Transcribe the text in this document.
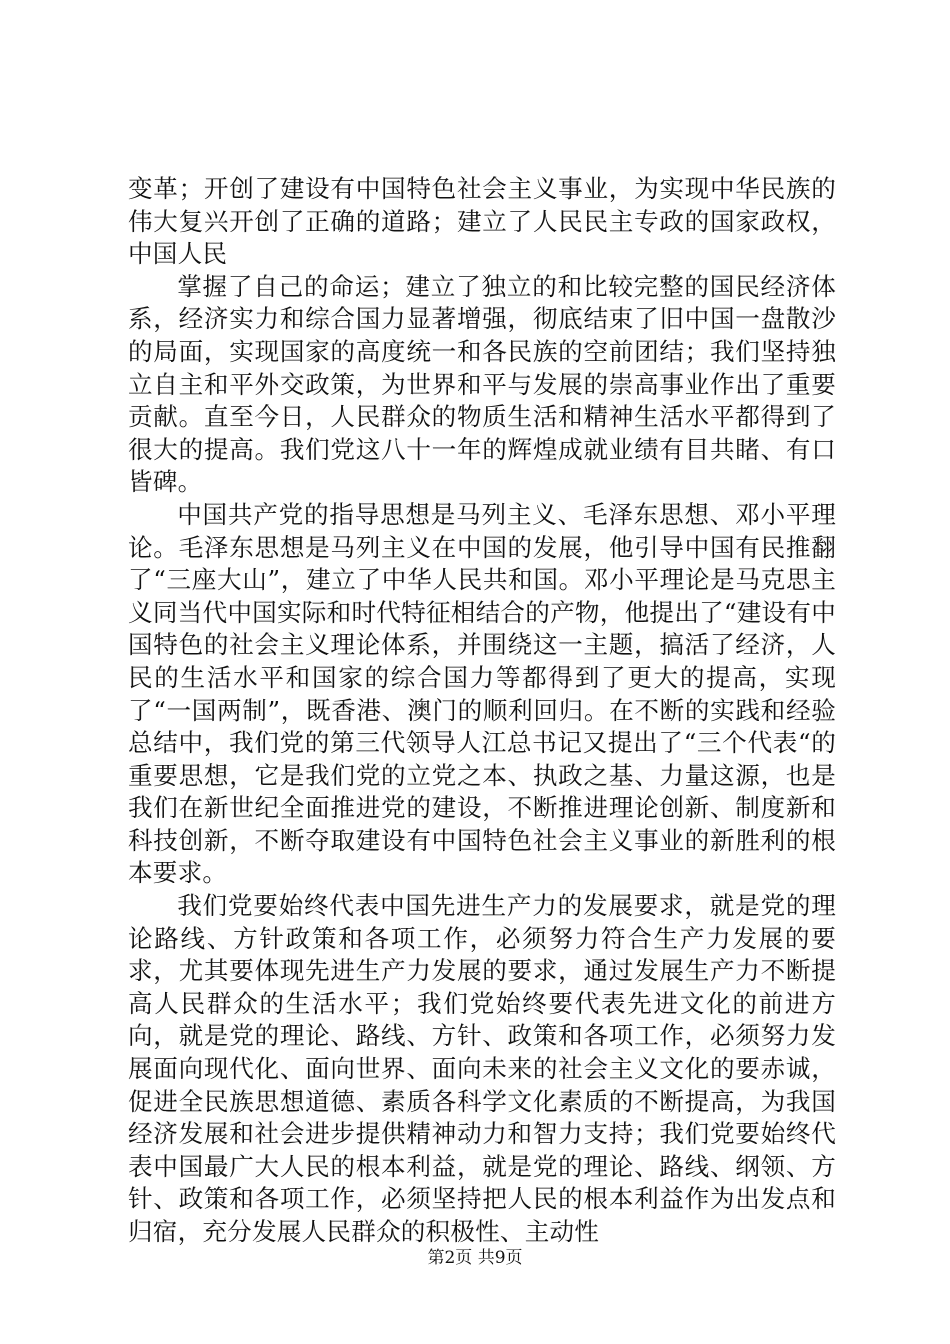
变革；开创了建设有中国特色社会主义事业，为实现中华民族的伟大复兴开创了正确的道路；建立了人民民主专政的国家政权，中国人民

掌握了自己的命运；建立了独立的和比较完整的国民经济体系，经济实力和综合国力显著增强，彻底结束了旧中国一盘散沙的局面，实现国家的高度统一和各民族的空前团结；我们坚持独立自主和平外交政策，为世界和平与发展的崇高事业作出了重要贡献。直至今日，人民群众的物质生活和精神生活水平都得到了很大的提高。我们党这八十一年的辉煌成就业绩有目共睹、有口皆碑。

中国共产党的指导思想是马列主义、毛泽东思想、邓小平理论。毛泽东思想是马列主义在中国的发展，他引导中国有民推翻了“三座大山”，建立了中华人民共和国。邓小平理论是马克思主义同当代中国实际和时代特征相结合的产物，他提出了“建设有中国特色的社会主义理论体系，并围绕这一主题，搞活了经济，人民的生活水平和国家的综合国力等都得到了更大的提高，实现了“一国两制”，既香港、澳门的顺利回归。在不断的实践和经验总结中，我们党的第三代领导人江总书记又提出了“三个代表“的重要思想，它是我们党的立党之本、执政之基、力量这源，也是我们在新世纪全面推进党的建设，不断推进理论创新、制度新和科技创新，不断夺取建设有中国特色社会主义事业的新胜利的根本要求。

我们党要始终代表中国先进生产力的发展要求，就是党的理论路线、方针政策和各项工作，必须努力符合生产力发展的要求，尤其要体现先进生产力发展的要求，通过发展生产力不断提高人民群众的生活水平；我们党始终要代表先进文化的前进方向，就是党的理论、路线、方针、政策和各项工作，必须努力发展面向现代化、面向世界、面向未来的社会主义文化的要赤诚，促进全民族思想道德、素质各科学文化素质的不断提高，为我国经济发展和社会进步提供精神动力和智力支持；我们党要始终代表中国最广大人民的根本利益，就是党的理论、路线、纲领、方针、政策和各项工作，必须坚持把人民的根本利益作为出发点和归宿，充分发展人民群众的积极性、主动性

第2页 共9页
